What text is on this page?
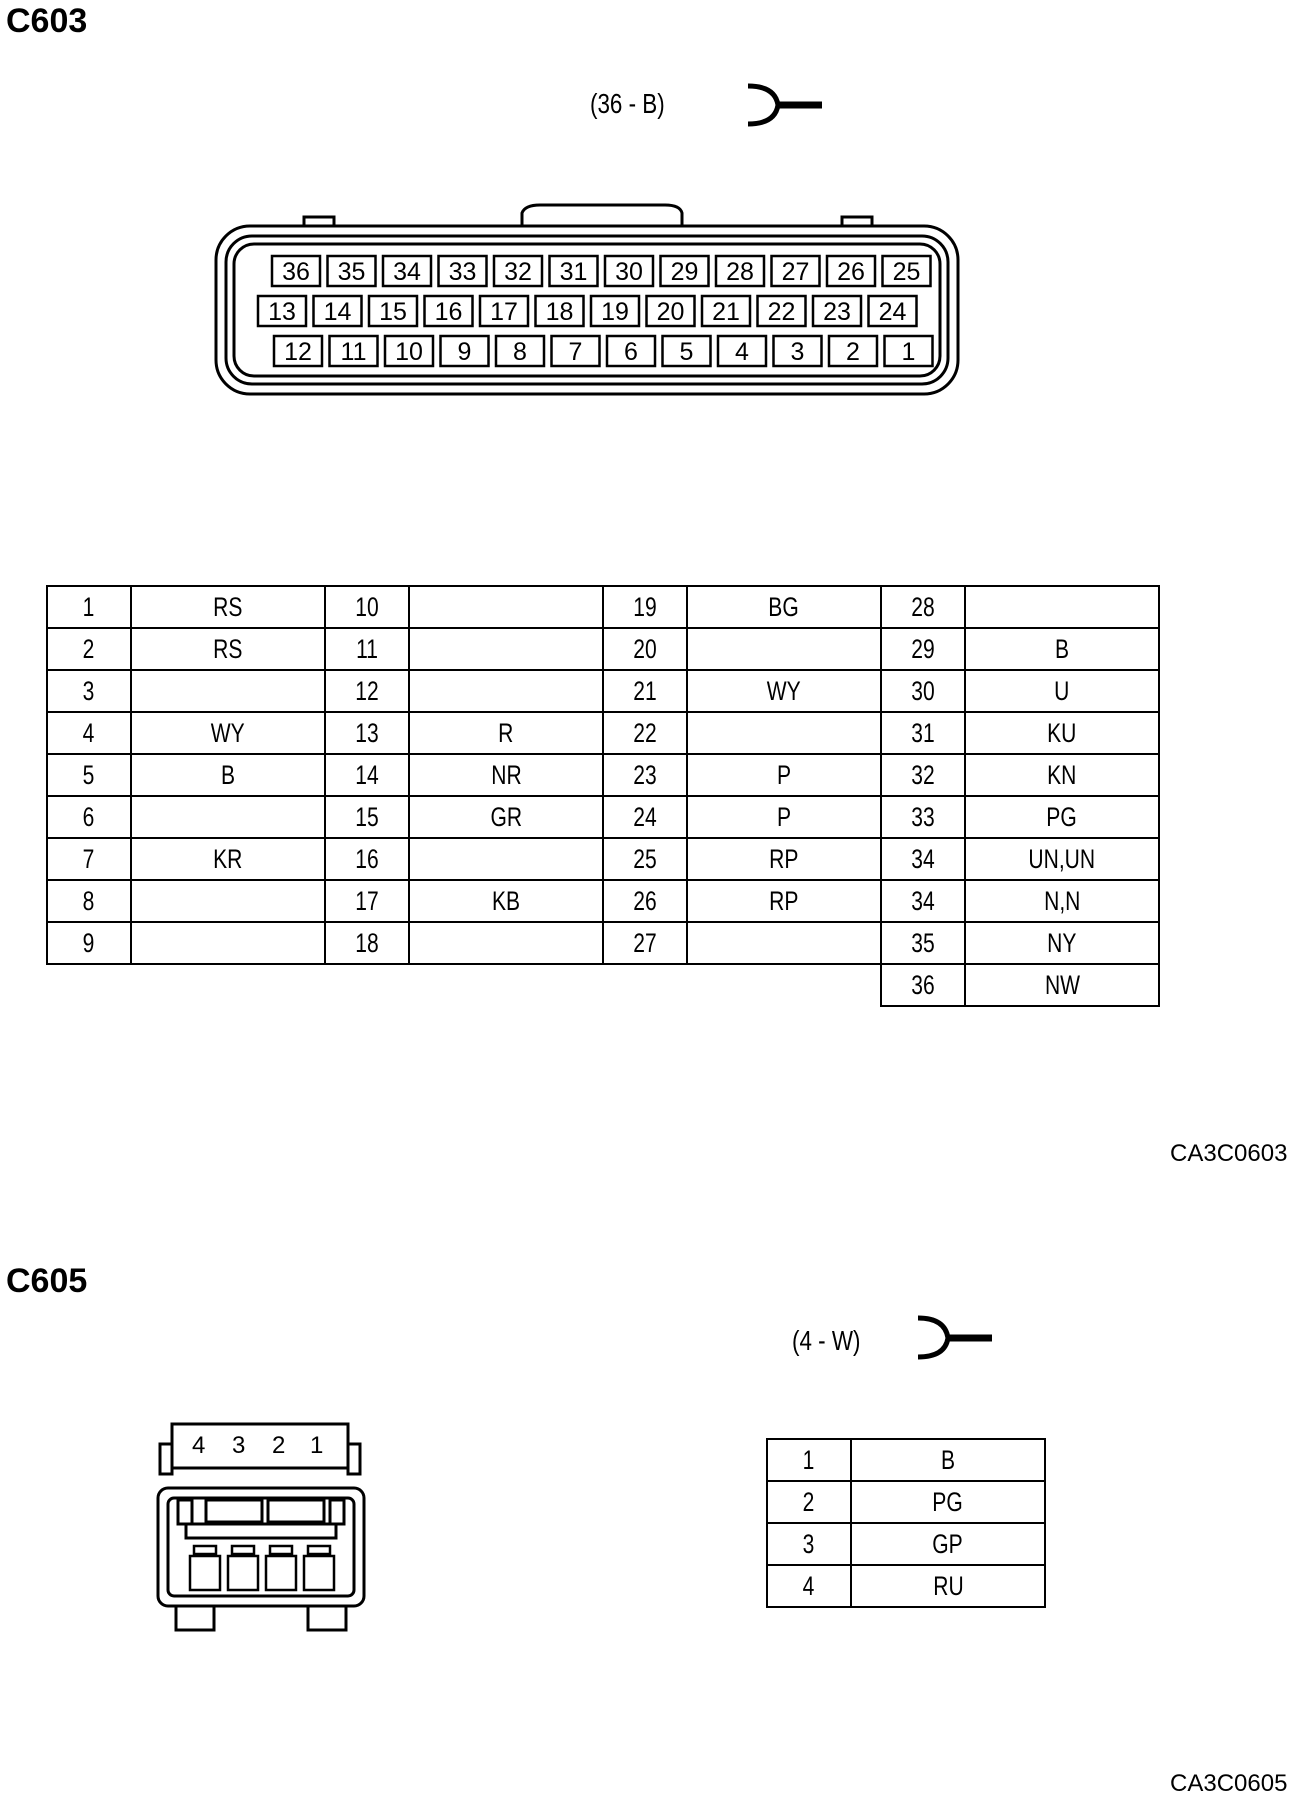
C603
(36 - B)
CA3C0603
C605
(4 - W)
CA3C0605
36 35 34 33 32 31 30 29 28 27 26 25
13 14 15 16 17 18 19 20 21 22 23 24
12 11 10 9 8 7 6 5 4 3 2 1
4 3 2 1
1	RS	10		19	BG	28	
2	RS	11		20		29	B
3		12		21	WY	30	U
4	WY	13	R	22		31	KU
5	B	14	NR	23	P	32	KN
6		15	GR	24	P	33	PG
7	KR	16		25	RP	34	UN,UN
8		17	KB	26	RP	34	N,N
9		18		27		35	NY
						36	NW
1	B
2	PG
3	GP
4	RU
